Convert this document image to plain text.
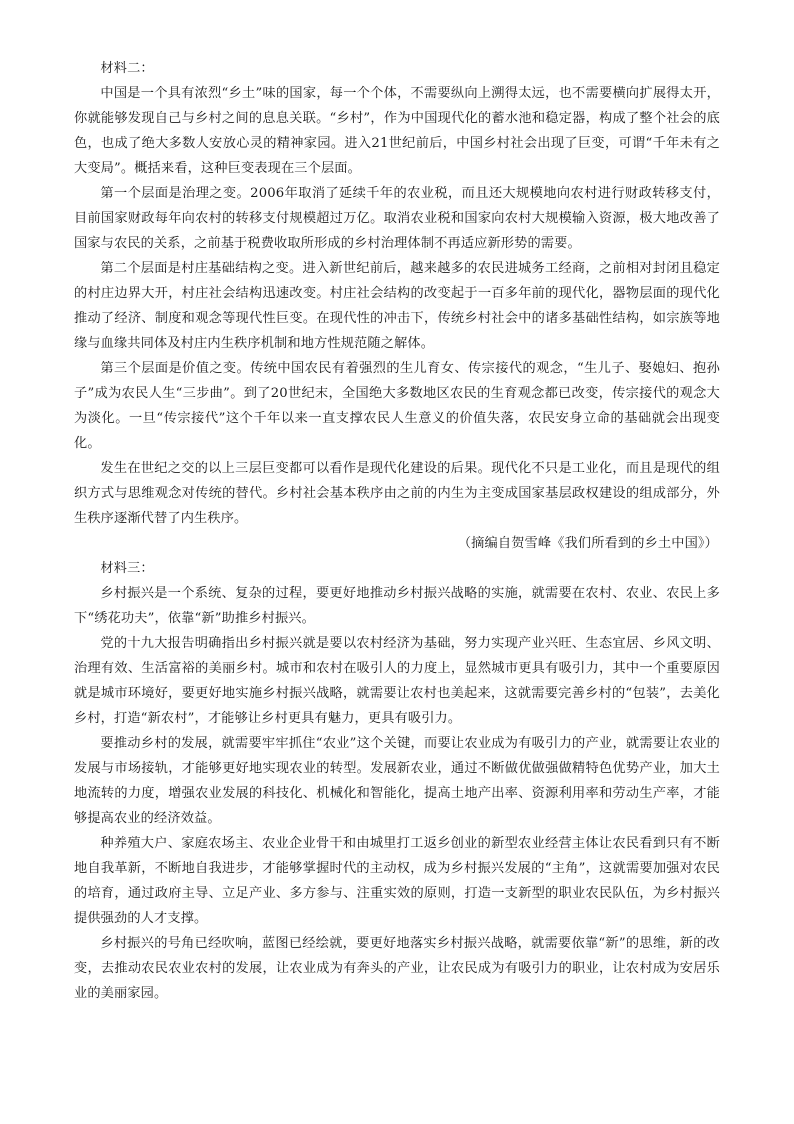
材料二：

中国是一个具有浓烈“乡土”味的国家，每一个个体，不需要纵向上溯得太远，也不需要横向扩展得太开，你就能够发现自己与乡村之间的息息关联。“乡村”，作为中国现代化的蓄水池和稳定器，构成了整个社会的底色，也成了绝大多数人安放心灵的精神家园。进入21世纪前后，中国乡村社会出现了巨变，可谓“千年未有之大变局”。概括来看，这种巨变表现在三个层面。

第一个层面是治理之变。2006年取消了延续千年的农业税，而且还大规模地向农村进行财政转移支付，目前国家财政每年向农村的转移支付规模超过万亿。取消农业税和国家向农村大规模输入资源，极大地改善了国家与农民的关系，之前基于税费收取所形成的乡村治理体制不再适应新形势的需要。

第二个层面是村庄基础结构之变。进入新世纪前后，越来越多的农民进城务工经商，之前相对封闭且稳定的村庄边界大开，村庄社会结构迅速改变。村庄社会结构的改变起于一百多年前的现代化，器物层面的现代化推动了经济、制度和观念等现代性巨变。在现代性的冲击下，传统乡村社会中的诸多基础性结构，如宗族等地缘与血缘共同体及村庄内生秩序机制和地方性规范随之解体。

第三个层面是价值之变。传统中国农民有着强烈的生儿育女、传宗接代的观念，“生儿子、娶媳妇、抱孙子”成为农民人生“三步曲”。到了20世纪末，全国绝大多数地区农民的生育观念都已改变，传宗接代的观念大为淡化。一旦“传宗接代”这个千年以来一直支撑农民人生意义的价值失落，农民安身立命的基础就会出现变化。

发生在世纪之交的以上三层巨变都可以看作是现代化建设的后果。现代化不只是工业化，而且是现代的组织方式与思维观念对传统的替代。乡村社会基本秩序由之前的内生为主变成国家基层政权建设的组成部分，外生秩序逐渐代替了内生秩序。

（摘编自贺雪峰《我们所看到的乡土中国》）

材料三：

乡村振兴是一个系统、复杂的过程，要更好地推动乡村振兴战略的实施，就需要在农村、农业、农民上多下“绣花功夫”，依靠“新”助推乡村振兴。

党的十九大报告明确指出乡村振兴就是要以农村经济为基础，努力实现产业兴旺、生态宜居、乡风文明、治理有效、生活富裕的美丽乡村。城市和农村在吸引人的力度上，显然城市更具有吸引力，其中一个重要原因就是城市环境好，要更好地实施乡村振兴战略，就需要让农村也美起来，这就需要完善乡村的“包装”，去美化乡村，打造“新农村”，才能够让乡村更具有魅力，更具有吸引力。

要推动乡村的发展，就需要牢牢抓住“农业”这个关键，而要让农业成为有吸引力的产业，就需要让农业的发展与市场接轨，才能够更好地实现农业的转型。发展新农业，通过不断做优做强做精特色优势产业，加大土地流转的力度，增强农业发展的科技化、机械化和智能化，提高土地产出率、资源利用率和劳动生产率，才能够提高农业的经济效益。

种养殖大户、家庭农场主、农业企业骨干和由城里打工返乡创业的新型农业经营主体让农民看到只有不断地自我革新，不断地自我进步，才能够掌握时代的主动权，成为乡村振兴发展的“主角”，这就需要加强对农民的培育，通过政府主导、立足产业、多方参与、注重实效的原则，打造一支新型的职业农民队伍，为乡村振兴提供强劲的人才支撑。

乡村振兴的号角已经吹响，蓝图已经绘就，要更好地落实乡村振兴战略，就需要依靠“新”的思维，新的改变，去推动农民农业农村的发展，让农业成为有奔头的产业，让农民成为有吸引力的职业，让农村成为安居乐业的美丽家园。
